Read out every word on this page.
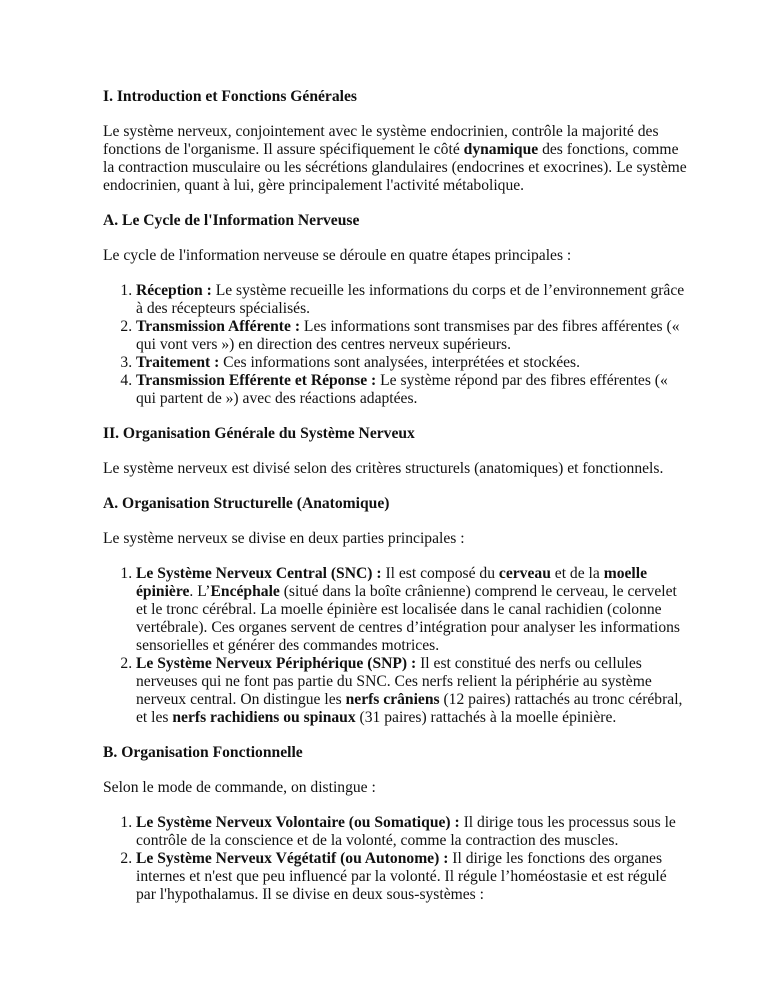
I. Introduction et Fonctions Générales

Le système nerveux, conjointement avec le système endocrinien, contrôle la majorité des fonctions de l'organisme. Il assure spécifiquement le côté dynamique des fonctions, comme la contraction musculaire ou les sécrétions glandulaires (endocrines et exocrines). Le système endocrinien, quant à lui, gère principalement l'activité métabolique.

A. Le Cycle de l'Information Nerveuse

Le cycle de l'information nerveuse se déroule en quatre étapes principales :

1. Réception : Le système recueille les informations du corps et de l’environnement grâce à des récepteurs spécialisés.
2. Transmission Afférente : Les informations sont transmises par des fibres afférentes (« qui vont vers ») en direction des centres nerveux supérieurs.
3. Traitement : Ces informations sont analysées, interprétées et stockées.
4. Transmission Efférente et Réponse : Le système répond par des fibres efférentes (« qui partent de ») avec des réactions adaptées.
II. Organisation Générale du Système Nerveux

Le système nerveux est divisé selon des critères structurels (anatomiques) et fonctionnels.

A. Organisation Structurelle (Anatomique)

Le système nerveux se divise en deux parties principales :

1. Le Système Nerveux Central (SNC) : Il est composé du cerveau et de la moelle épinière. L’Encéphale (situé dans la boîte crânienne) comprend le cerveau, le cervelet et le tronc cérébral. La moelle épinière est localisée dans le canal rachidien (colonne vertébrale). Ces organes servent de centres d’intégration pour analyser les informations sensorielles et générer des commandes motrices.
2. Le Système Nerveux Périphérique (SNP) : Il est constitué des nerfs ou cellules nerveuses qui ne font pas partie du SNC. Ces nerfs relient la périphérie au système nerveux central. On distingue les nerfs crâniens (12 paires) rattachés au tronc cérébral, et les nerfs rachidiens ou spinaux (31 paires) rattachés à la moelle épinière.
B. Organisation Fonctionnelle

Selon le mode de commande, on distingue :

1. Le Système Nerveux Volontaire (ou Somatique) : Il dirige tous les processus sous le contrôle de la conscience et de la volonté, comme la contraction des muscles.
2. Le Système Nerveux Végétatif (ou Autonome) : Il dirige les fonctions des organes internes et n'est que peu influencé par la volonté. Il régule l’homéostasie et est régulé par l'hypothalamus. Il se divise en deux sous-systèmes :
